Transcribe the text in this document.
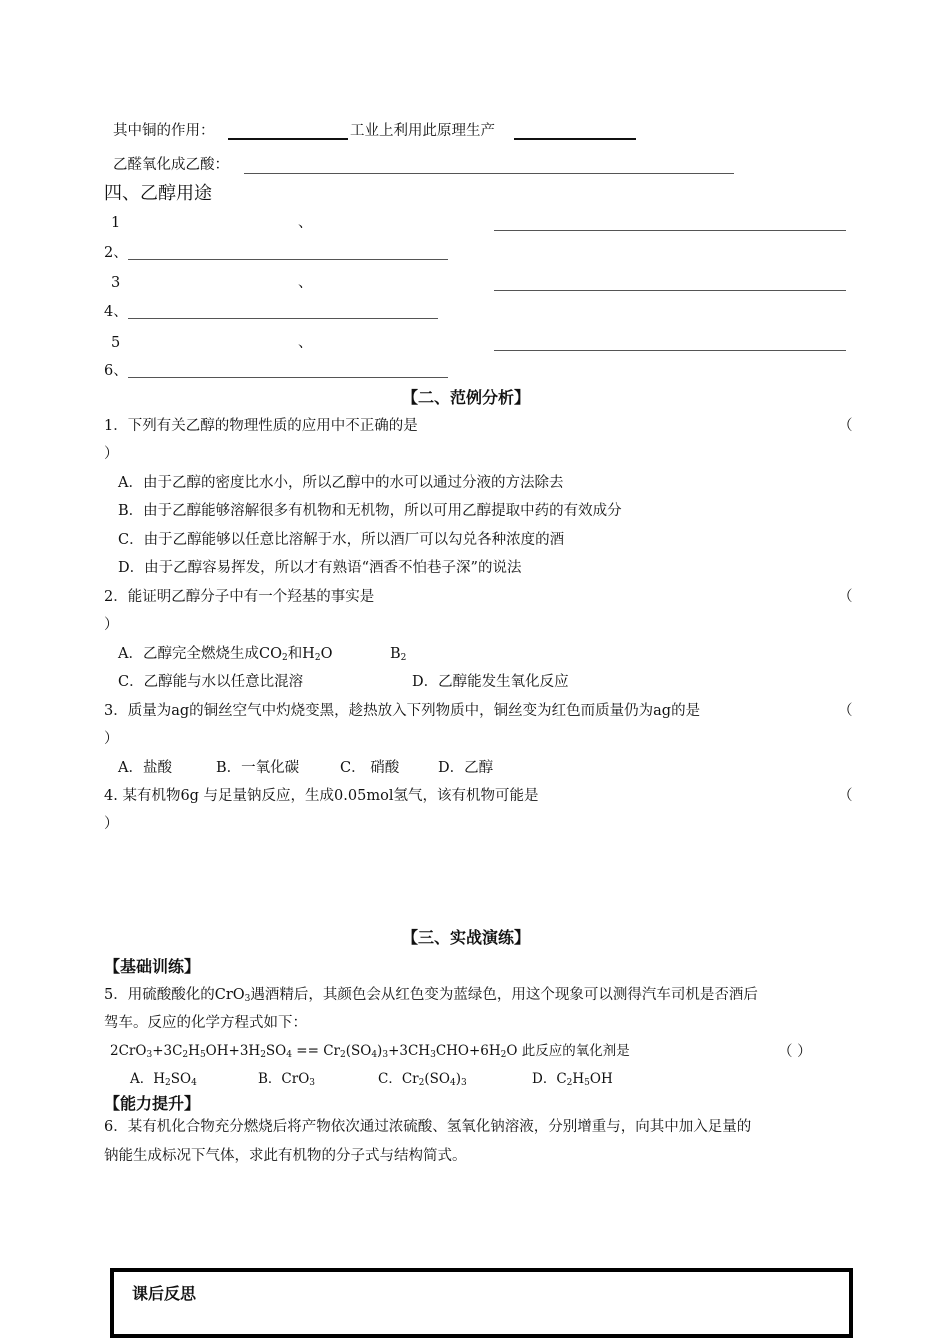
其中铜的作用：	工业上利用此原理生产
乙醛氧化成乙酸：
四、乙醇用途
1	、
2、
3	、
4、
5	、
6、
【二、范例分析】
1．下列有关乙醇的物理性质的应用中不正确的是	（
）
A．由于乙醇的密度比水小，所以乙醇中的水可以通过分液的方法除去
B．由于乙醇能够溶解很多有机物和无机物，所以可用乙醇提取中药的有效成分
C．由于乙醇能够以任意比溶解于水，所以酒厂可以勾兑各种浓度的酒
D．由于乙醇容易挥发，所以才有熟语“酒香不怕巷子深”的说法
2．能证明乙醇分子中有一个羟基的事实是	（
）
A．乙醇完全燃烧生成$CO_2$和$H_2O$	$B_2$
C．乙醇能与水以任意比混溶	D．乙醇能发生氧化反应
3．质量为ag的铜丝空气中灼烧变黑，趁热放入下列物质中，铜丝变为红色而质量仍为ag的是	（
）
A．盐酸	B．一氧化碳	C． 硝酸	D．乙醇
4. 某有机物6g 与足量钠反应，生成0.05mol氢气，该有机物可能是	（
）
【三、实战演练】
【基础训练】
5．用硫酸酸化的CrO$_3$遇酒精后，其颜色会从红色变为蓝绿色，用这个现象可以测得汽车司机是否酒后
驾车。反应的化学方程式如下：
$2CrO_3+3C_2H_5OH+3H_2SO_4 == Cr_2(SO_4)_3+3CH_3CHO+6H_2O$ 此反应的氧化剂是	（ ）
A．$H_2SO_4$	B．CrO$_3$	C．$Cr_2(SO_4)_3$	D．$C_2H_5OH$
【能力提升】
6．某有机化合物充分燃烧后将产物依次通过浓硫酸、氢氧化钠溶液，分别增重与，向其中加入足量的
钠能生成标况下气体，求此有机物的分子式与结构简式。
课后反思
